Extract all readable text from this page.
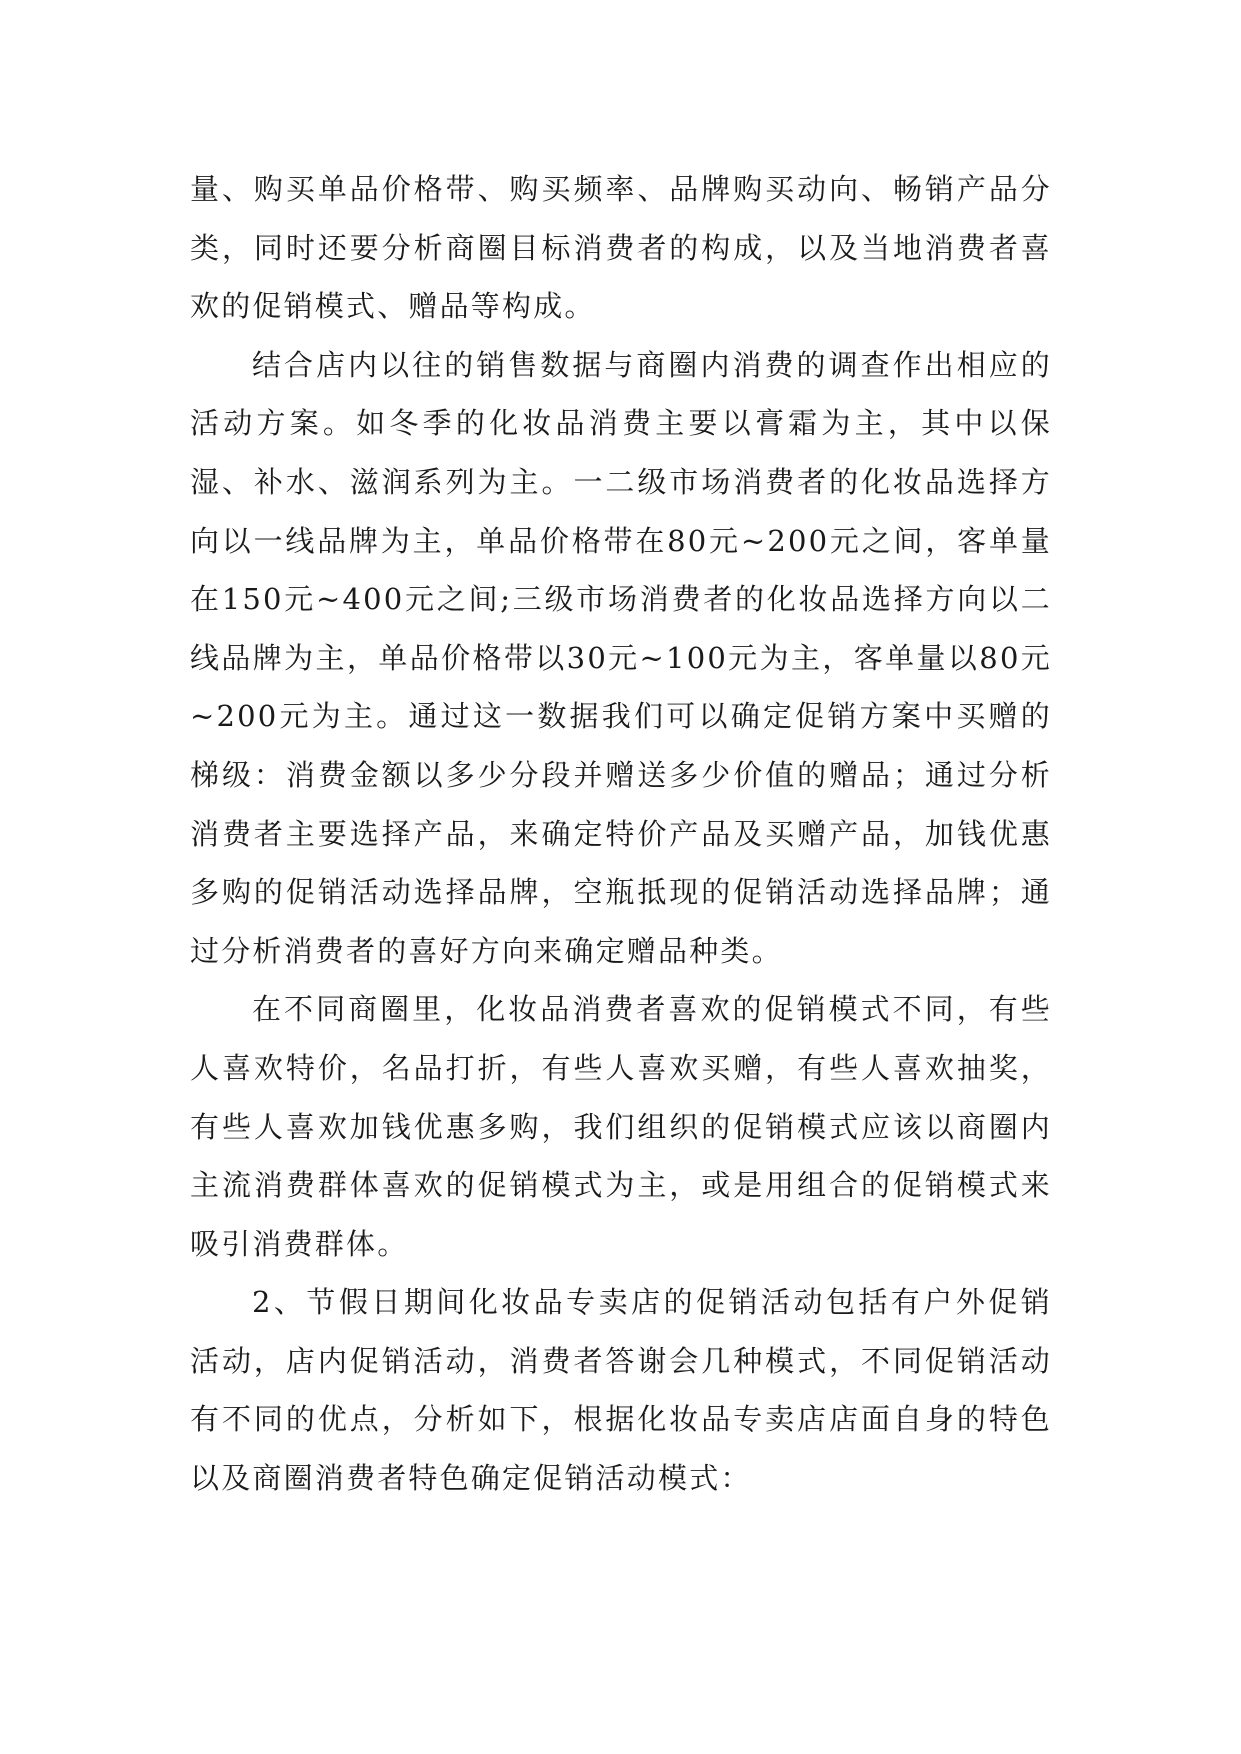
量、购买单品价格带、购买频率、品牌购买动向、畅销产品分类，同时还要分析商圈目标消费者的构成，以及当地消费者喜欢的促销模式、赠品等构成。

结合店内以往的销售数据与商圈内消费的调查作出相应的活动方案。如冬季的化妆品消费主要以膏霜为主，其中以保湿、补水、滋润系列为主。一二级市场消费者的化妆品选择方向以一线品牌为主，单品价格带在80元~200元之间，客单量在150元~400元之间;三级市场消费者的化妆品选择方向以二线品牌为主，单品价格带以30元~100元为主，客单量以80元~200元为主。通过这一数据我们可以确定促销方案中买赠的梯级：消费金额以多少分段并赠送多少价值的赠品；通过分析消费者主要选择产品，来确定特价产品及买赠产品，加钱优惠多购的促销活动选择品牌，空瓶抵现的促销活动选择品牌；通过分析消费者的喜好方向来确定赠品种类。

在不同商圈里，化妆品消费者喜欢的促销模式不同，有些人喜欢特价，名品打折，有些人喜欢买赠，有些人喜欢抽奖，有些人喜欢加钱优惠多购，我们组织的促销模式应该以商圈内主流消费群体喜欢的促销模式为主，或是用组合的促销模式来吸引消费群体。

2、节假日期间化妆品专卖店的促销活动包括有户外促销活动，店内促销活动，消费者答谢会几种模式，不同促销活动有不同的优点，分析如下，根据化妆品专卖店店面自身的特色以及商圈消费者特色确定促销活动模式：
